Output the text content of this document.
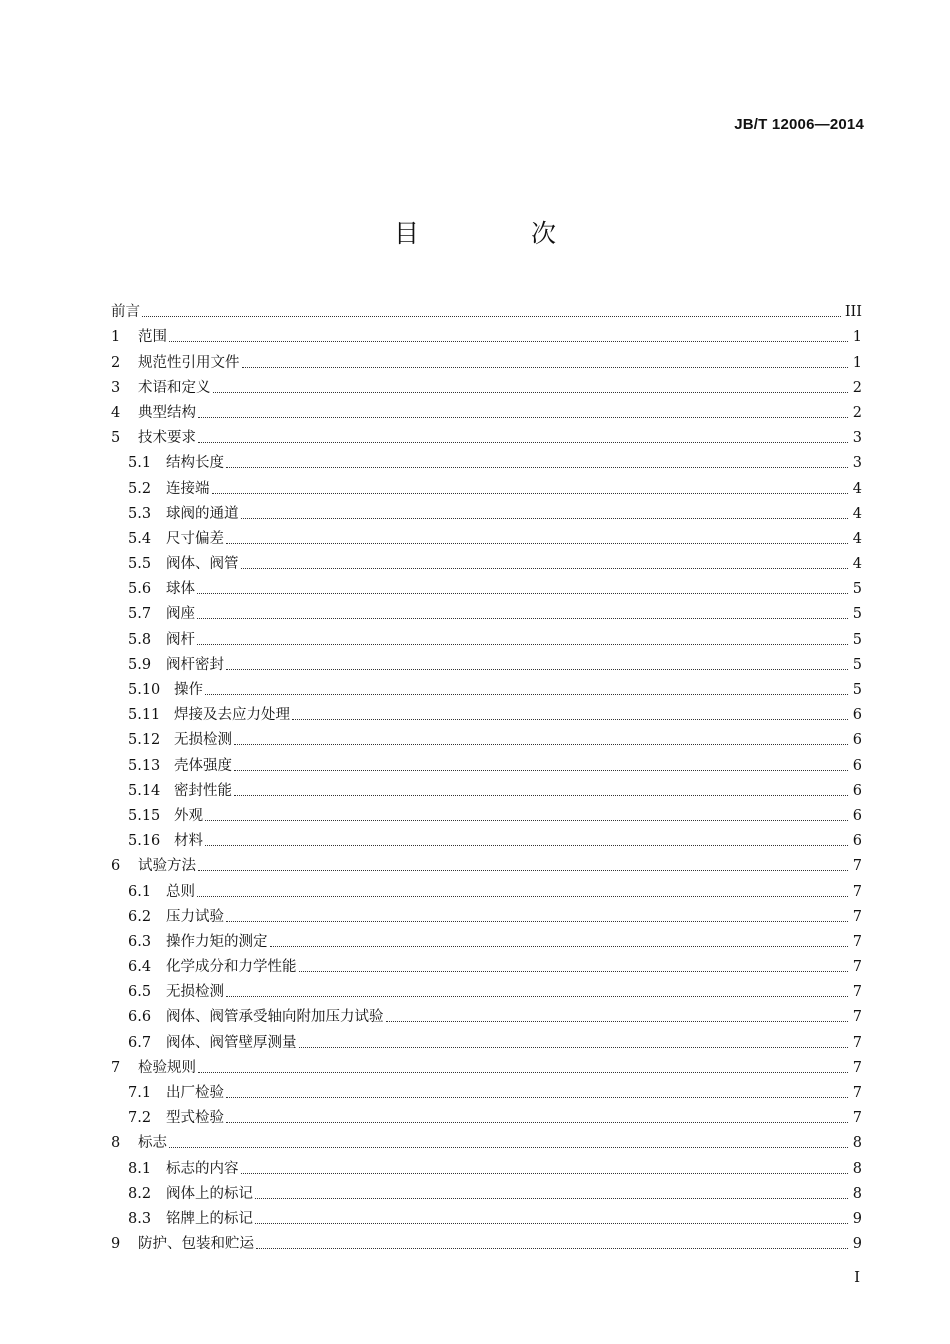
JB/T 12006—2014
目 次
前言	III
1	范围	1
2	规范性引用文件	1
3	术语和定义	2
4	典型结构	2
5	技术要求	3
5.1	结构长度	3
5.2	连接端	4
5.3	球阀的通道	4
5.4	尺寸偏差	4
5.5	阀体、阀管	4
5.6	球体	5
5.7	阀座	5
5.8	阀杆	5
5.9	阀杆密封	5
5.10 操作	5
5.11 焊接及去应力处理	6
5.12 无损检测	6
5.13 壳体强度	6
5.14 密封性能	6
5.15 外观	6
5.16 材料	6
6	试验方法	7
6.1	总则	7
6.2	压力试验	7
6.3	操作力矩的测定	7
6.4	化学成分和力学性能	7
6.5	无损检测	7
6.6	阀体、阀管承受轴向附加压力试验	7
6.7	阀体、阀管壁厚测量	7
7	检验规则	7
7.1	出厂检验	7
7.2	型式检验	7
8	标志	8
8.1	标志的内容	8
8.2	阀体上的标记	8
8.3	铭牌上的标记	9
9	防护、包装和贮运	9
I
